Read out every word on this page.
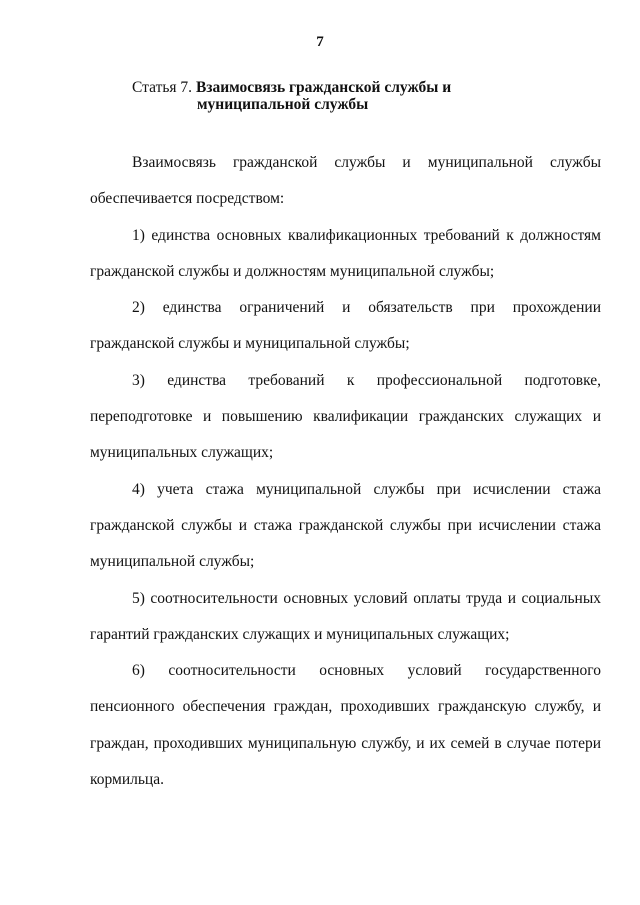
7
Статья 7. Взаимосвязь гражданской службы и
муниципальной службы

Взаимосвязь гражданской службы и муниципальной службы обеспечивается посредством:

1) единства основных квалификационных требований к должностям гражданской службы и должностям муниципальной службы;

2) единства ограничений и обязательств при прохождении гражданской службы и муниципальной службы;

3) единства требований к профессиональной подготовке, переподготовке и повышению квалификации гражданских служащих и муниципальных служащих;

4) учета стажа муниципальной службы при исчислении стажа гражданской службы и стажа гражданской службы при исчислении стажа муниципальной службы;

5) соотносительности основных условий оплаты труда и социальных гарантий гражданских служащих и муниципальных служащих;

6) соотносительности основных условий государственного пенсионного обеспечения граждан, проходивших гражданскую службу, и граждан, проходивших муниципальную службу, и их семей в случае потери кормильца.
